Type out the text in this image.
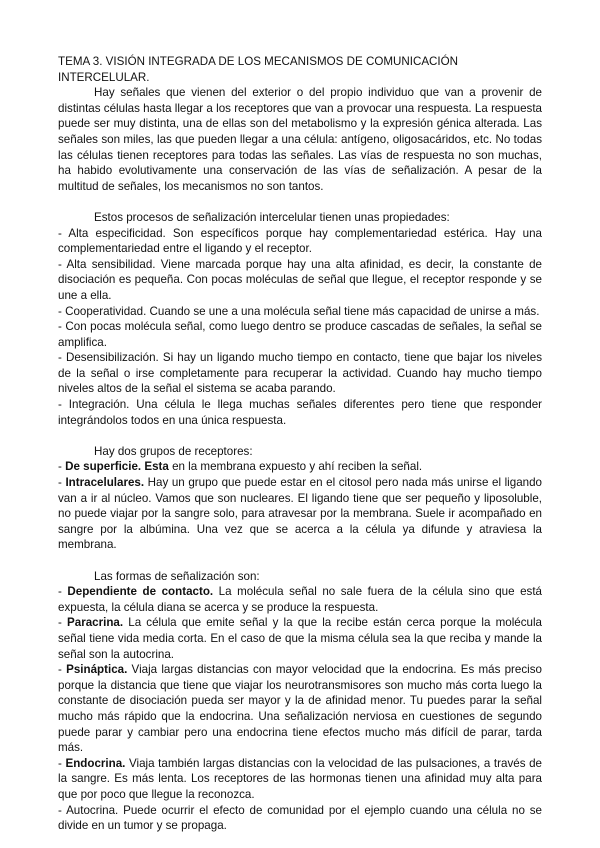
TEMA 3. VISIÓN INTEGRADA DE LOS MECANISMOS DE COMUNICACIÓN INTERCELULAR.

Hay señales que vienen del exterior o del propio individuo que van a provenir de distintas células hasta llegar a los receptores que van a provocar una respuesta. La respuesta puede ser muy distinta, una de ellas son del metabolismo y la expresión génica alterada. Las señales son miles, las que pueden llegar a una célula: antígeno, oligosacáridos, etc. No todas las células tienen receptores para todas las señales. Las vías de respuesta no son muchas, ha habido evolutivamente una conservación de las vías de señalización. A pesar de la multitud de señales, los mecanismos no son tantos.

Estos procesos de señalización intercelular tienen unas propiedades:

- Alta especificidad. Son específicos porque hay complementariedad estérica. Hay una complementariedad entre el ligando y el receptor.

- Alta sensibilidad. Viene marcada porque hay una alta afinidad, es decir, la constante de disociación es pequeña. Con pocas moléculas de señal que llegue, el receptor responde y se une a ella.

- Cooperatividad. Cuando se une a una molécula señal tiene más capacidad de unirse a más.

- Con pocas molécula señal, como luego dentro se produce cascadas de señales, la señal se amplifica.

- Desensibilización. Si hay un ligando mucho tiempo en contacto, tiene que bajar los niveles de la señal o irse completamente para recuperar la actividad. Cuando hay mucho tiempo niveles altos de la señal el sistema se acaba parando.

- Integración. Una célula le llega muchas señales diferentes pero tiene que responder integrándolos todos en una única respuesta.

Hay dos grupos de receptores:

- De superficie. Esta en la membrana expuesto y ahí reciben la señal.

- Intracelulares. Hay un grupo que puede estar en el citosol pero nada más unirse el ligando van a ir al núcleo. Vamos que son nucleares. El ligando tiene que ser pequeño y liposoluble, no puede viajar por la sangre solo, para atravesar por la membrana. Suele ir acompañado en sangre por la albúmina. Una vez que se acerca a la célula ya difunde y atraviesa la membrana.

Las formas de señalización son:

- Dependiente de contacto. La molécula señal no sale fuera de la célula sino que está expuesta, la célula diana se acerca y se produce la respuesta.

- Paracrina. La célula que emite señal y la que la recibe están cerca porque la molécula señal tiene vida media corta. En el caso de que la misma célula sea la que reciba y mande la señal son la autocrina.

- Psináptica. Viaja largas distancias con mayor velocidad que la endocrina. Es más preciso porque la distancia que tiene que viajar los neurotransmisores son mucho más corta luego la constante de disociación pueda ser mayor y la de afinidad menor. Tu puedes parar la señal mucho más rápido que la endocrina. Una señalización nerviosa en cuestiones de segundo puede parar y cambiar pero una endocrina tiene efectos mucho más difícil de parar, tarda más.

- Endocrina. Viaja también largas distancias con la velocidad de las pulsaciones, a través de la sangre. Es más lenta. Los receptores de las hormonas tienen una afinidad muy alta para que por poco que llegue la reconozca.

- Autocrina. Puede ocurrir el efecto de comunidad por el ejemplo cuando una célula no se divide en un tumor y se propaga.
